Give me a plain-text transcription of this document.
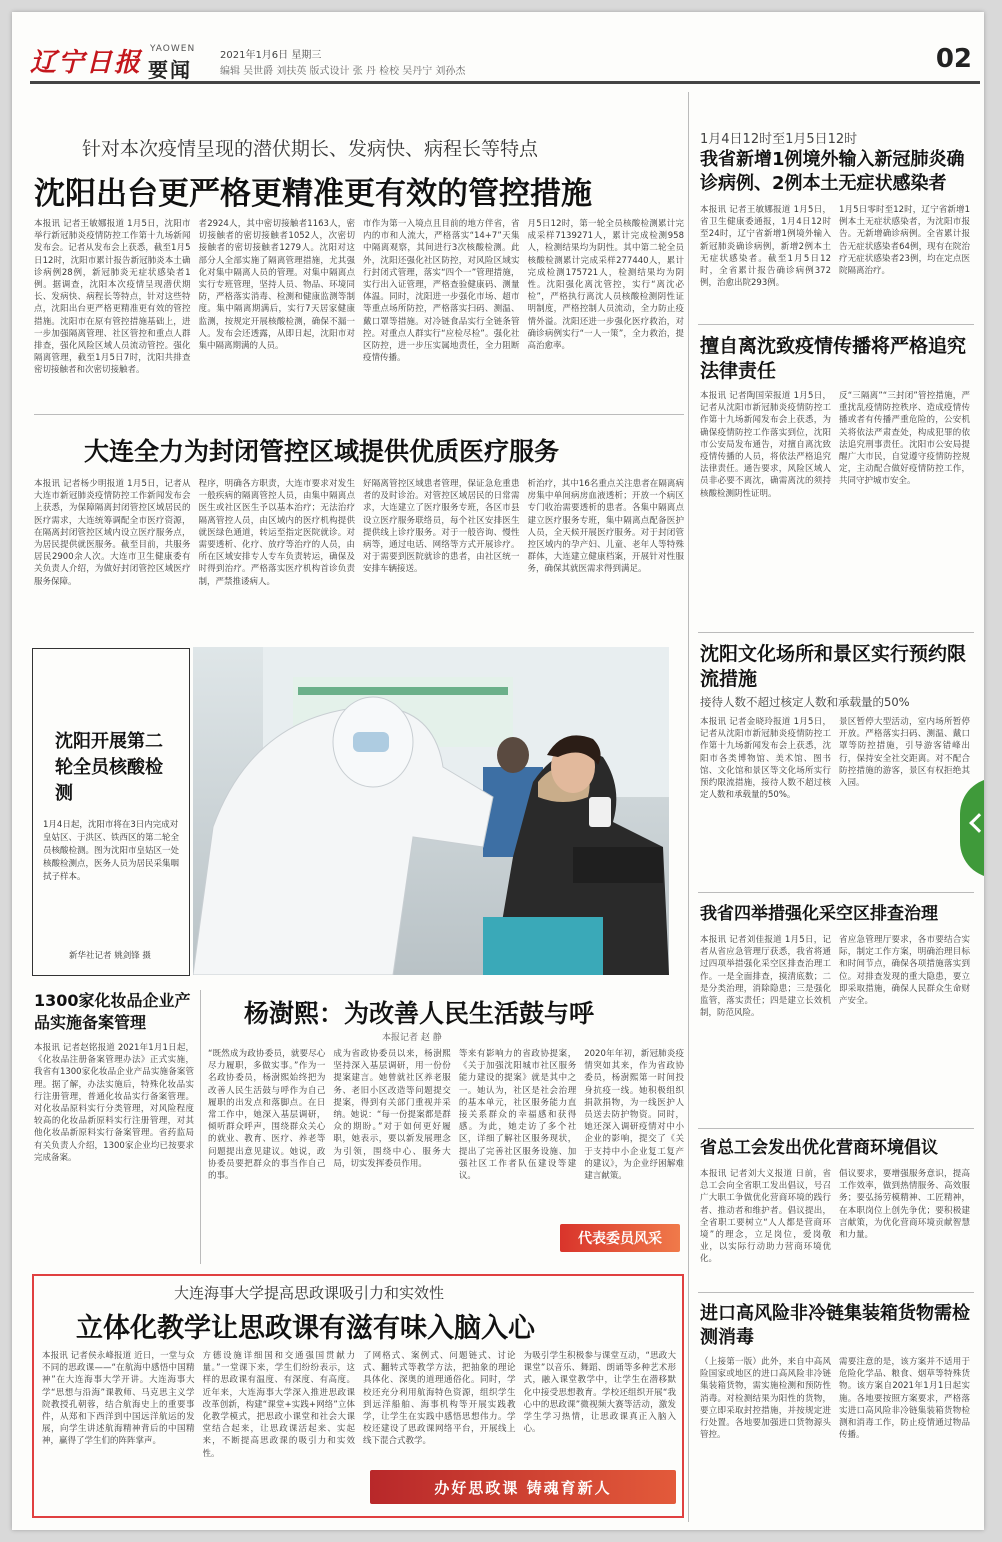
辽宁日报 YAOWEN
要闻
2021年1月6日 星期三
编辑 吴世爵 刘扶英 版式设计 张 丹 检校 吴丹宁 刘孙杰	02
针对本次疫情呈现的潜伏期长、发病快、病程长等特点
沈阳出台更严格更精准更有效的管控措施
本报讯 记者王敏娜报道 1月5日，沈阳市举行新冠肺炎疫情防控工作第十九场新闻发布会。记者从发布会上获悉，截至1月5日12时，沈阳市累计报告新冠肺炎本土确诊病例28例，新冠肺炎无症状感染者1例。据调查，沈阳本次疫情呈现潜伏期长、发病快、病程长等特点，针对这些特点，沈阳出台更严格更精准更有效的管控措施。沈阳市在原有管控措施基础上，进一步加强隔离管理、社区管控和重点人群排查，强化风险区域人员流动管控。强化隔离管理，截至1月5日7时，沈阳共排查密切接触者和次密切接触者。
者2924人，其中密切接触者1163人，密切接触者的密切接触者1052人，次密切接触者的密切接触者1279人。沈阳对这部分人全部实施了隔离管理措施，尤其强化对集中隔离人员的管理。对集中隔离点实行专班管理，坚持人员、物品、环境同防，严格落实消毒、检测和健康监测等制度。集中隔离期满后，实行7天居家健康监测，按规定开展核酸检测，确保不漏一人。发布会还透露，从即日起，沈阳市对集中隔离期满的人员。
市作为第一入境点且目前的地方伴省，省内的市和人流大，严格落实“14+7”天集中隔离观察，其间进行3次核酸检测。此外，沈阳还强化社区防控，对风险区域实行封闭式管理，落实“四个一”管理措施，实行出入证管理，严格查验健康码、测量体温。同时，沈阳进一步强化市场、超市等重点场所防控，严格落实扫码、测温、戴口罩等措施。对冷链食品实行全链条管控。对重点人群实行“应检尽检”。强化社区防控，进一步压实属地责任，全力阻断疫情传播。
月5日12时，第一轮全员核酸检测累计完成采样7139271人，累计完成检测958人，检测结果均为阴性。其中第二轮全员核酸检测累计完成采样277440人，累计完成检测175721人，检测结果均为阴性。沈阳强化离沈管控，实行“离沈必检”，严格执行离沈人员核酸检测阴性证明制度，严格控制人员流动，全力防止疫情外溢。沈阳还进一步强化医疗救治，对确诊病例实行“一人一策”，全力救治，提高治愈率。
大连全力为封闭管控区域提供优质医疗服务
本报讯 记者杨少明报道 1月5日，记者从大连市新冠肺炎疫情防控工作新闻发布会上获悉，为保障隔离封闭管控区域居民的医疗需求，大连统筹调配全市医疗资源，在隔离封闭管控区域内设立医疗服务点，为居民提供就医服务。截至目前，共服务居民2900余人次。大连市卫生健康委有关负责人介绍，为做好封闭管控区域医疗服务保障。
程序，明确各方职责，大连市要求对发生一般疾病的隔离管控人员，由集中隔离点医生或社区医生予以基本治疗；无法治疗隔离管控人员，由区域内的医疗机构提供就医绿色通道，转运至指定医院就诊。对需要透析、化疗、放疗等治疗的人员，由所在区域安排专人专车负责转运，确保及时得到治疗。严格落实医疗机构首诊负责制，严禁推诿病人。
好隔离管控区域患者管理，保证急危重患者的及时诊治。对管控区域居民的日常需求，大连建立了医疗服务专班，各区市县设立医疗服务联络员，每个社区安排医生提供线上诊疗服务。对于一般咨询、慢性病等，通过电话、网络等方式开展诊疗。对于需要到医院就诊的患者，由社区统一安排车辆接送。
析治疗，其中16名重点关注患者在隔离病房集中单间病房血液透析；开放一个病区专门收治需要透析的患者。各集中隔离点建立医疗服务专班，集中隔离点配备医护人员，全天候开展医疗服务。对于封闭管控区域内的孕产妇、儿童、老年人等特殊群体，大连建立健康档案，开展针对性服务，确保其就医需求得到满足。
沈阳开展第二轮全员核酸检测
1月4日起，沈阳市将在3日内完成对皇姑区、于洪区、铁西区的第二轮全员核酸检测。图为沈阳市皇姑区一处核酸检测点，医务人员为居民采集咽拭子样本。
新华社记者 姚剑锋 摄
1300家化妆品企业产品实施备案管理
本报讯 记者赵铭报道 2021年1月1日起，《化妆品注册备案管理办法》正式实施，我省有1300家化妆品企业产品实施备案管理。据了解，办法实施后，特殊化妆品实行注册管理，普通化妆品实行备案管理。对化妆品原料实行分类管理，对风险程度较高的化妆品新原料实行注册管理，对其他化妆品新原料实行备案管理。省药监局有关负责人介绍，1300家企业均已按要求完成备案。
杨澍熙：为改善人民生活鼓与呼
本报记者 赵 静
“既然成为政协委员，就要尽心尽力履职，多做实事。”作为一名政协委员，杨澍熙始终把为改善人民生活鼓与呼作为自己履职的出发点和落脚点。在日常工作中，她深入基层调研，倾听群众呼声，围绕群众关心的就业、教育、医疗、养老等问题提出意见建议。她说，政协委员要把群众的事当作自己的事。
成为省政协委员以来，杨澍熙坚持深入基层调研，用一份份提案建言。她曾就社区养老服务、老旧小区改造等问题提交提案，得到有关部门重视并采纳。她说：“每一份提案都是群众的期盼。”对于如何更好履职，她表示，要以新发展理念为引领，围绕中心、服务大局，切实发挥委员作用。
等来有影响力的省政协提案，《关于加强沈阳城市社区服务能力建设的提案》就是其中之一。她认为，社区是社会治理的基本单元，社区服务能力直接关系群众的幸福感和获得感。为此，她走访了多个社区，详细了解社区服务现状，提出了完善社区服务设施、加强社区工作者队伍建设等建议。
2020年年初，新冠肺炎疫情突如其来，作为省政协委员，杨澍熙第一时间投身抗疫一线。她积极组织捐款捐物，为一线医护人员送去防护物资。同时，她还深入调研疫情对中小企业的影响，提交了《关于支持中小企业复工复产的建议》，为企业纾困解难建言献策。
代表委员风采
大连海事大学提高思政课吸引力和实效性
立体化教学让思政课有滋有味入脑入心
本报讯 记者侯永峰报道 近日，一堂与众不同的思政课——“在航海中感悟中国精神”在大连海事大学开讲。大连海事大学“思想与沿海”课教师、马克思主义学院教授孔朝蓉，结合航海史上的重要事件，从郑和下西洋到中国远洋航运的发展，向学生讲述航海精神背后的中国精神，赢得了学生们的阵阵掌声。
方德设施详细国和交通强国贯献力量。”一堂课下来，学生们纷纷表示，这样的思政课有温度、有深度、有高度。近年来，大连海事大学深入推进思政课改革创新，构建“课堂+实践+网络”立体化教学模式，把思政小课堂和社会大课堂结合起来，让思政课活起来、实起来，不断提高思政课的吸引力和实效性。
了网格式、案例式、问题链式、讨论式、翻转式等教学方法，把抽象的理论具体化、深奥的道理通俗化。同时，学校还充分利用航海特色资源，组织学生到远洋船舶、海事机构等开展实践教学，让学生在实践中感悟思想伟力。学校还建设了思政课网络平台，开展线上线下混合式教学。
为吸引学生积极参与课堂互动，“思政大课堂”以音乐、舞蹈、朗诵等多种艺术形式，融入课堂教学中，让学生在潜移默化中接受思想教育。学校还组织开展“我心中的思政课”微视频大赛等活动，激发学生学习热情，让思政课真正入脑入心。
办好思政课 铸魂育新人
1月4日12时至1月5日12时
我省新增1例境外输入新冠肺炎确诊病例、2例本土无症状感染者
本报讯 记者王敏娜报道 1月5日，省卫生健康委通报，1月4日12时至24时，辽宁省新增1例境外输入新冠肺炎确诊病例，新增2例本土无症状感染者。截至1月5日12时，全省累计报告确诊病例372例，治愈出院293例。
1月5日零时至12时，辽宁省新增1例本土无症状感染者，为沈阳市报告。无新增确诊病例。全省累计报告无症状感染者64例，现有在院治疗无症状感染者23例，均在定点医院隔离治疗。
擅自离沈致疫情传播将严格追究法律责任
本报讯 记者陶国荣报道 1月5日，记者从沈阳市新冠肺炎疫情防控工作第十九场新闻发布会上获悉，为确保疫情防控工作落实到位，沈阳市公安局发布通告，对擅自离沈致疫情传播的人员，将依法严格追究法律责任。通告要求，风险区域人员非必要不离沈，确需离沈的须持核酸检测阴性证明。
反“三隔离”“三封闭”管控措施，严重扰乱疫情防控秩序、造成疫情传播或者有传播严重危险的，公安机关将依法严肃查处，构成犯罪的依法追究刑事责任。沈阳市公安局提醒广大市民，自觉遵守疫情防控规定，主动配合做好疫情防控工作，共同守护城市安全。
沈阳文化场所和景区实行预约限流措施
接待人数不超过核定人数和承载量的50%
本报讯 记者金晓玲报道 1月5日，记者从沈阳市新冠肺炎疫情防控工作第十九场新闻发布会上获悉，沈阳市各类博物馆、美术馆、图书馆、文化馆和景区等文化场所实行预约限流措施，接待人数不超过核定人数和承载量的50%。
景区暂停大型活动，室内场所暂停开放。严格落实扫码、测温、戴口罩等防控措施，引导游客错峰出行，保持安全社交距离。对不配合防控措施的游客，景区有权拒绝其入园。
我省四举措强化采空区排查治理
本报讯 记者刘佳报道 1月5日，记者从省应急管理厅获悉，我省将通过四项举措强化采空区排查治理工作。一是全面排查，摸清底数；二是分类治理，消除隐患；三是强化监管，落实责任；四是建立长效机制，防范风险。
省应急管理厅要求，各市要结合实际，制定工作方案，明确治理目标和时间节点，确保各项措施落实到位。对排查发现的重大隐患，要立即采取措施，确保人民群众生命财产安全。
省总工会发出优化营商环境倡议
本报讯 记者刘大义报道 日前，省总工会向全省职工发出倡议，号召广大职工争做优化营商环境的践行者、推动者和维护者。倡议提出，全省职工要树立“人人都是营商环境”的理念，立足岗位，爱岗敬业，以实际行动助力营商环境优化。
倡议要求，要增强服务意识，提高工作效率，做到热情服务、高效服务；要弘扬劳模精神、工匠精神，在本职岗位上创先争优；要积极建言献策，为优化营商环境贡献智慧和力量。
进口高风险非冷链集装箱货物需检测消毒
（上接第一版）此外，来自中高风险国家或地区的进口高风险非冷链集装箱货物，需实施检测和预防性消毒。对检测结果为阳性的货物，要立即采取封控措施，并按规定进行处置。各地要加强进口货物源头管控。
需要注意的是，该方案并不适用于危险化学品、粮食、烟草等特殊货物。该方案自2021年1月1日起实施。各地要按照方案要求，严格落实进口高风险非冷链集装箱货物检测和消毒工作，防止疫情通过物品传播。
